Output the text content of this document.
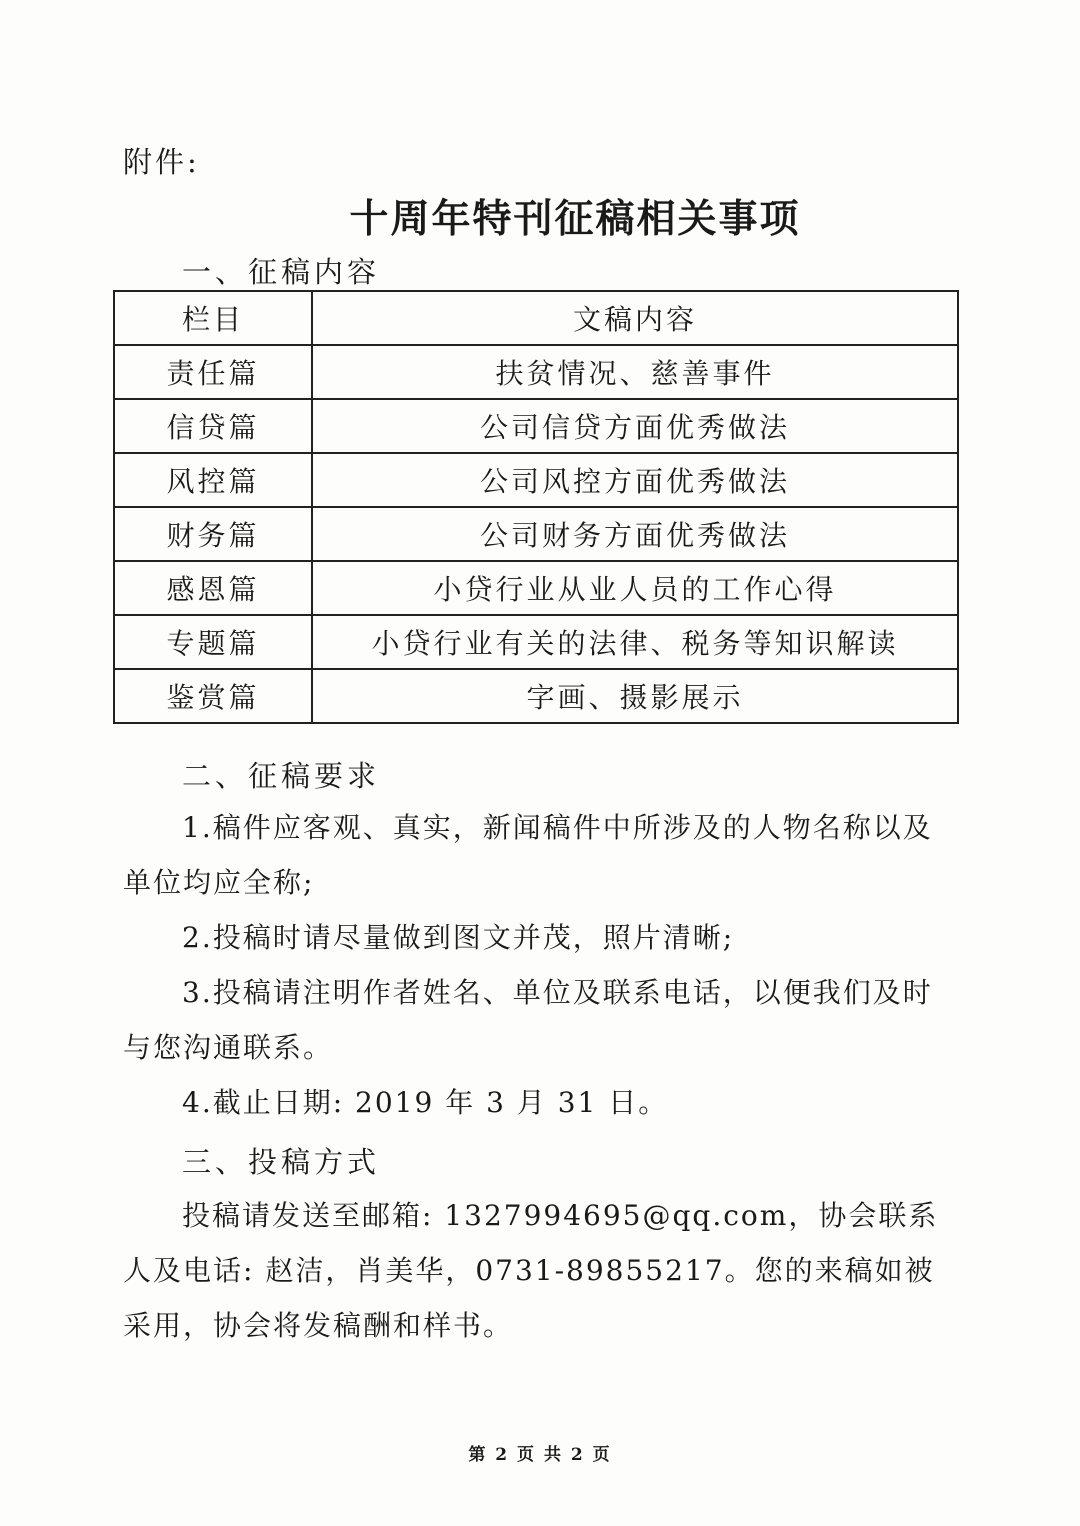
附件:

十周年特刊征稿相关事项
一、征稿内容
栏目	文稿内容
责任篇	扶贫情况、慈善事件
信贷篇	公司信贷方面优秀做法
风控篇	公司风控方面优秀做法
财务篇	公司财务方面优秀做法
感恩篇	小贷行业从业人员的工作心得
专题篇	小贷行业有关的法律、税务等知识解读
鉴赏篇	字画、摄影展示
二、征稿要求

1.稿件应客观、真实，新闻稿件中所涉及的人物名称以及单位均应全称;

2.投稿时请尽量做到图文并茂，照片清晰;

3.投稿请注明作者姓名、单位及联系电话，以便我们及时与您沟通联系。

4.截止日期: 2019 年 3 月 31 日。

三、投稿方式

投稿请发送至邮箱: 1327994695@qq.com，协会联系人及电话: 赵洁，肖美华，0731-89855217。您的来稿如被采用，协会将发稿酬和样书。

第 2 页 共 2 页
